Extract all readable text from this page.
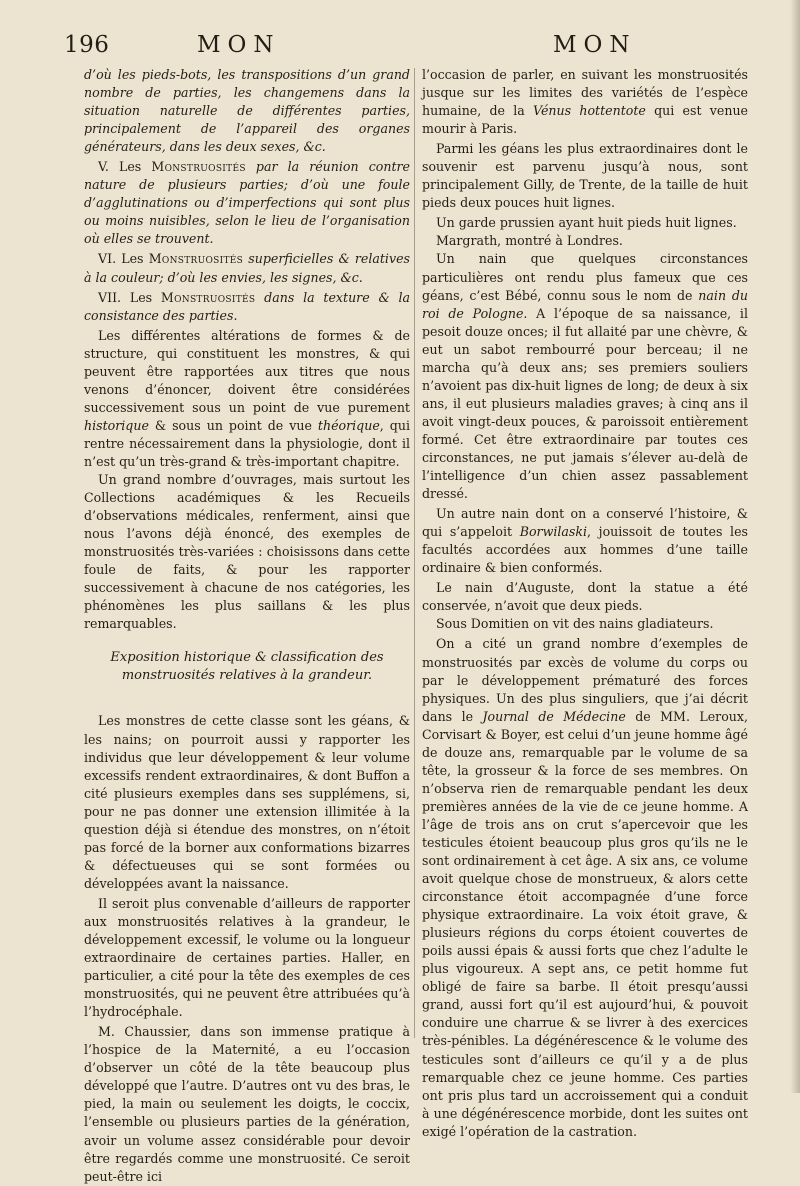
196	MON	MON

d’où les pieds-bots, les transpositions d’un grand nombre de parties, les changemens dans la situation naturelle de différentes parties, principalement de l’appareil des organes générateurs, dans les deux sexes, &c.

V. Les Monstruosités par la réunion contre nature de plusieurs parties; d’où une foule d’agglutinations ou d’imperfections qui sont plus ou moins nuisibles, selon le lieu de l’organisation où elles se trouvent.

VI. Les Monstruosités superficielles & relatives à la couleur; d’où les envies, les signes, &c.

VII. Les Monstruosités dans la texture & la consistance des parties.

Les différentes altérations de formes & de structure, qui constituent les monstres, & qui peuvent être rapportées aux titres que nous venons d’énoncer, doivent être considérées successivement sous un point de vue purement historique & sous un point de vue théorique, qui rentre nécessairement dans la physiologie, dont il n’est qu’un très-grand & très-important chapitre.

Un grand nombre d’ouvrages, mais surtout les Collections académiques & les Recueils d’observations médicales, renferment, ainsi que nous l’avons déjà énoncé, des exemples de monstruosités très-variées : choisissons dans cette foule de faits, & pour les rapporter successivement à chacune de nos catégories, les phénomènes les plus saillans & les plus remarquables.

Exposition historique & classification des monstruosités relatives à la grandeur.

Les monstres de cette classe sont les géans, & les nains; on pourroit aussi y rapporter les individus que leur développement & leur volume excessifs rendent extraordinaires, & dont Buffon a cité plusieurs exemples dans ses supplémens, si, pour ne pas donner une extension illimitée à la question déjà si étendue des monstres, on n’étoit pas forcé de la borner aux conformations bizarres & défectueuses qui se sont formées ou développées avant la naissance.

Il seroit plus convenable d’ailleurs de rapporter aux monstruosités relatives à la grandeur, le développement excessif, le volume ou la longueur extraordinaire de certaines parties. Haller, en particulier, a cité pour la tête des exemples de ces monstruosités, qui ne peuvent être attribuées qu’à l’hydrocéphale.

M. Chaussier, dans son immense pratique à l’hospice de la Maternité, a eu l’occasion d’observer un côté de la tête beaucoup plus développé que l’autre. D’autres ont vu des bras, le pied, la main ou seulement les doigts, le coccix, l’ensemble ou plusieurs parties de la génération, avoir un volume assez considérable pour devoir être regardés comme une monstruosité. Ce seroit peut-être ici

l’occasion de parler, en suivant les monstruosités jusque sur les limites des variétés de l’espèce humaine, de la Vénus hottentote qui est venue mourir à Paris.

Parmi les géans les plus extraordinaires dont le souvenir est parvenu jusqu’à nous, sont principalement Gilly, de Trente, de la taille de huit pieds deux pouces huit lignes.

Un garde prussien ayant huit pieds huit lignes.

Margrath, montré à Londres.

Un nain que quelques circonstances particulières ont rendu plus fameux que ces géans, c’est Bébé, connu sous le nom de nain du roi de Pologne. A l’époque de sa naissance, il pesoit douze onces; il fut allaité par une chèvre, & eut un sabot rembourré pour berceau; il ne marcha qu’à deux ans; ses premiers souliers n’avoient pas dix-huit lignes de long; de deux à six ans, il eut plusieurs maladies graves; à cinq ans il avoit vingt-deux pouces, & paroissoit entièrement formé. Cet être extraordinaire par toutes ces circonstances, ne put jamais s’élever au-delà de l’intelligence d’un chien assez passablement dressé.

Un autre nain dont on a conservé l’histoire, & qui s’appeloit Borwilaski, jouissoit de toutes les facultés accordées aux hommes d’une taille ordinaire & bien conformés.

Le nain d’Auguste, dont la statue a été conservée, n’avoit que deux pieds.

Sous Domitien on vit des nains gladiateurs.

On a cité un grand nombre d’exemples de monstruosités par excès de volume du corps ou par le développement prématuré des forces physiques. Un des plus singuliers, que j’ai décrit dans le Journal de Médecine de MM. Leroux, Corvisart & Boyer, est celui d’un jeune homme âgé de douze ans, remarquable par le volume de sa tête, la grosseur & la force de ses membres. On n’observa rien de remarquable pendant les deux premières années de la vie de ce jeune homme. A l’âge de trois ans on crut s’apercevoir que les testicules étoient beaucoup plus gros qu’ils ne le sont ordinairement à cet âge. A six ans, ce volume avoit quelque chose de monstrueux, & alors cette circonstance étoit accompagnée d’une force physique extraordinaire. La voix étoit grave, & plusieurs régions du corps étoient couvertes de poils aussi épais & aussi forts que chez l’adulte le plus vigoureux. A sept ans, ce petit homme fut obligé de faire sa barbe. Il étoit presqu’aussi grand, aussi fort qu’il est aujourd’hui, & pouvoit conduire une charrue & se livrer à des exercices très-pénibles. La dégénérescence & le volume des testicules sont d’ailleurs ce qu’il y a de plus remarquable chez ce jeune homme. Ces parties ont pris plus tard un accroissement qui a conduit à une dégénérescence morbide, dont les suites ont exigé l’opération de la castration.
